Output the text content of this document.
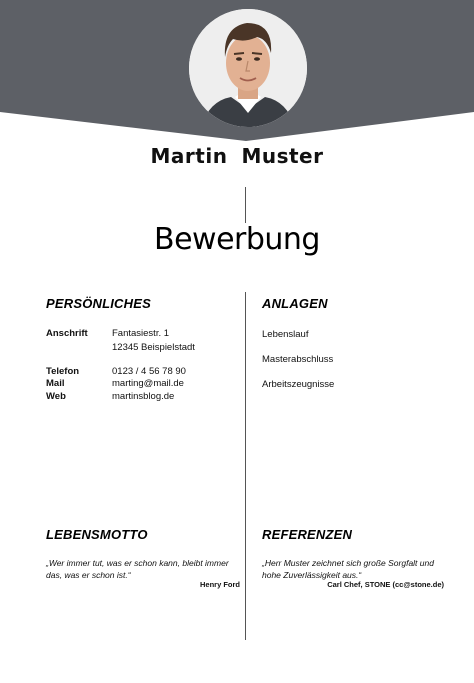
Martin Muster
Bewerbung
PERSÖNLICHES
Anschrift	Fantasiestr. 1
12345 Beispielstadt
Telefon	0123 / 4 56 78 90
Mail	marting@mail.de
Web	martinsblog.de
ANLAGEN
Lebenslauf
Masterabschluss
Arbeitszeugnisse
LEBENSMOTTO
„Wer immer tut, was er schon kann, bleibt immer
das, was er schon ist.“
Henry Ford
REFERENZEN
„Herr Muster zeichnet sich große Sorgfalt und
hohe Zuverlässigkeit aus.“
Carl Chef, STONE (cc@stone.de)
